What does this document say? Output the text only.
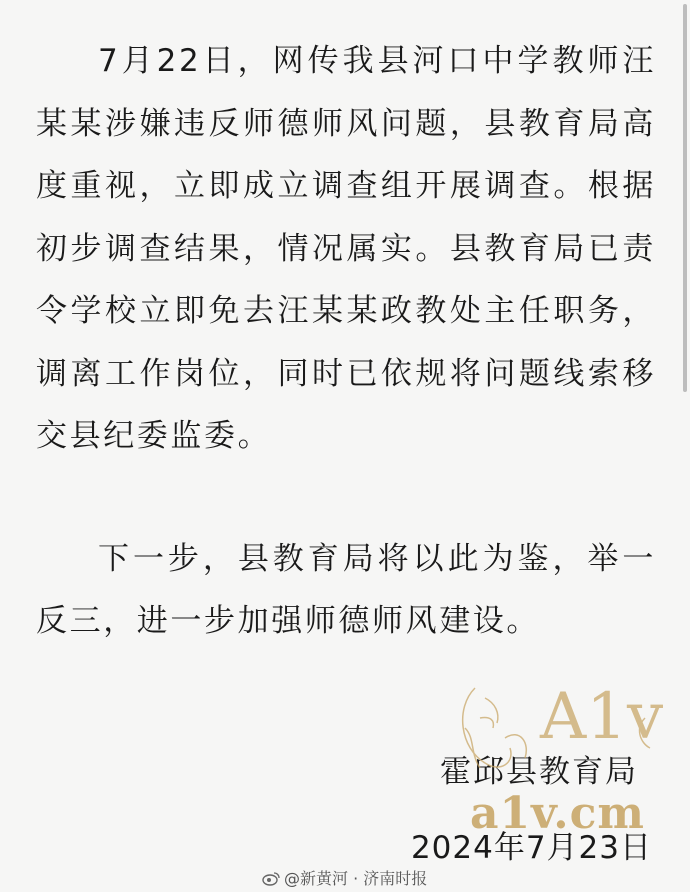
7月22日，网传我县河口中学教师汪某某涉嫌违反师德师风问题，县教育局高度重视，立即成立调查组开展调查。根据初步调查结果，情况属实。县教育局已责令学校立即免去汪某某政教处主任职务，调离工作岗位，同时已依规将问题线索移交县纪委监委。

下一步，县教育局将以此为鉴，举一反三，进一步加强师德师风建设。

霍邱县教育局
2024年7月23日
A1v
a1v.cm
@新黄河 · 济南时报
